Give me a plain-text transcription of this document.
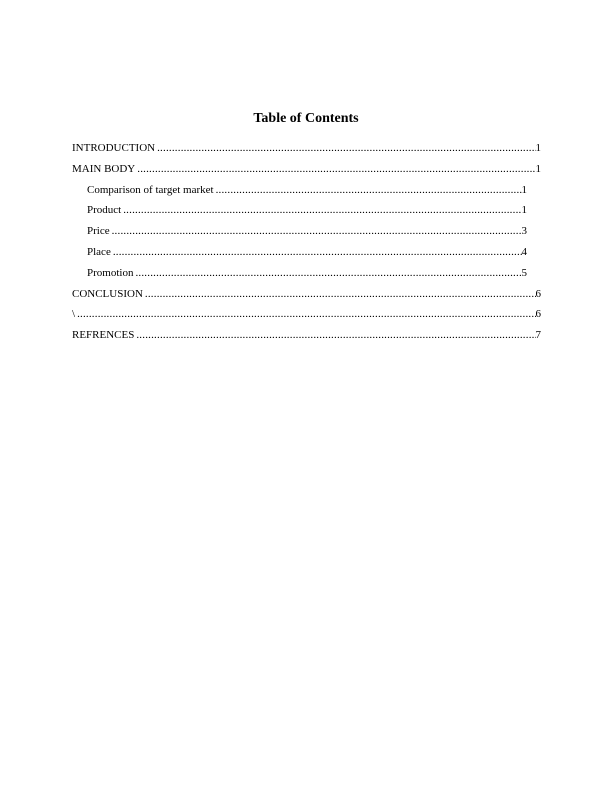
Table of Contents
INTRODUCTION .....	1
MAIN BODY .....	1
Comparison of target market .....	1
Product .....	1
Price .....	3
Place .....	4
Promotion .....	5
CONCLUSION .....	6
\ .....	6
REFRENCES .....	7
